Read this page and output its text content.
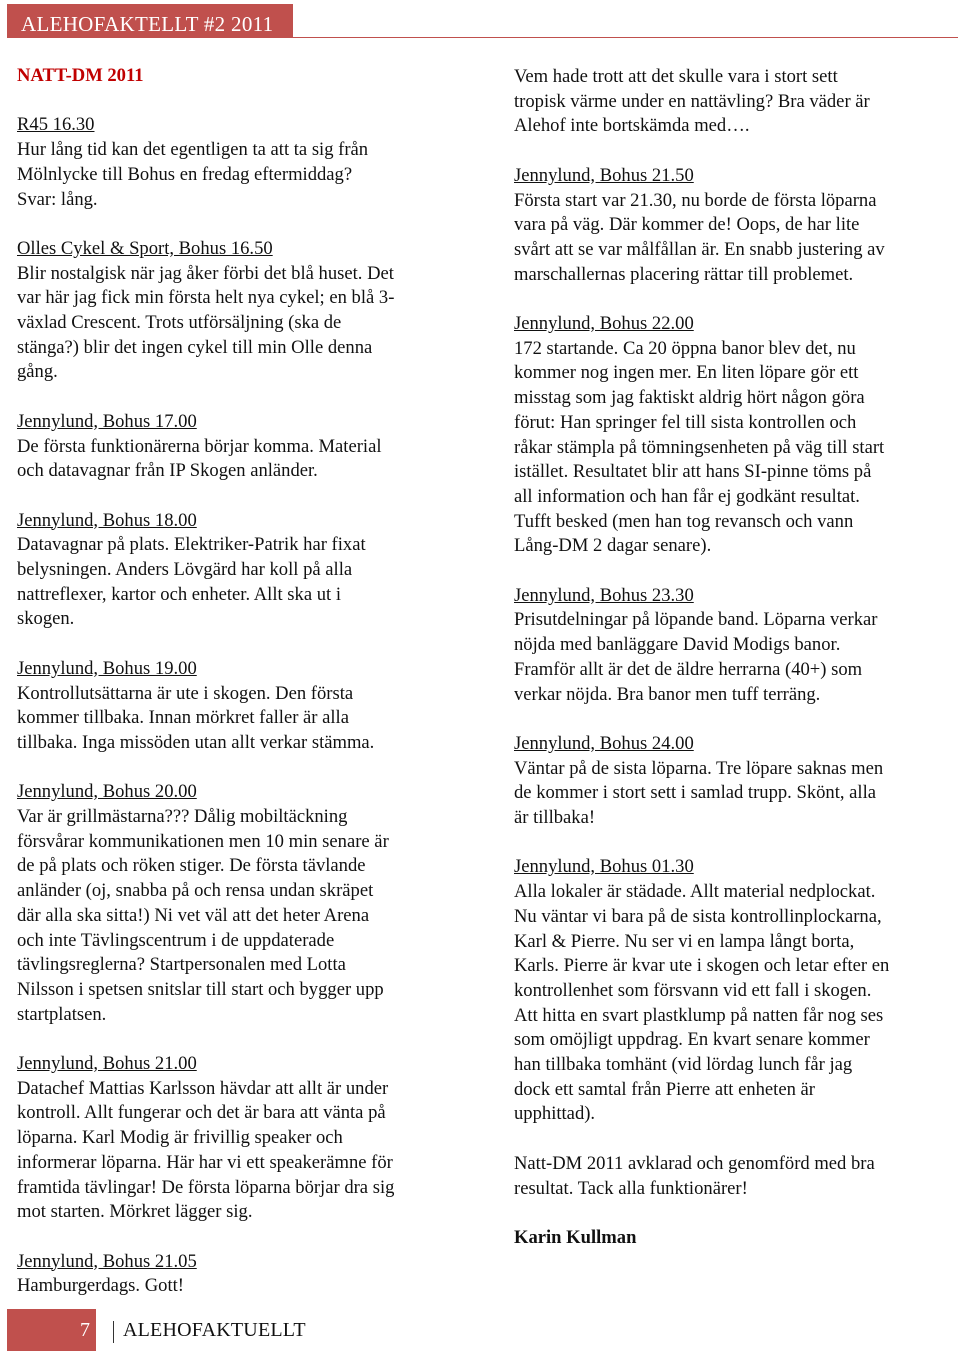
ALEHOFAKTELLT #2 2011
NATT-DM 2011
R45 16.30
Hur lång tid kan det egentligen ta att ta sig från
Mölnlycke till Bohus en fredag eftermiddag?
Svar: lång.
Olles Cykel & Sport, Bohus 16.50
Blir nostalgisk när jag åker förbi det blå huset. Det
var här jag fick min första helt nya cykel; en blå 3-
växlad Crescent. Trots utförsäljning (ska de
stänga?) blir det ingen cykel till min Olle denna
gång.
Jennylund, Bohus 17.00
De första funktionärerna börjar komma. Material
och datavagnar från IP Skogen anländer.
Jennylund, Bohus 18.00
Datavagnar på plats. Elektriker-Patrik har fixat
belysningen. Anders Lövgärd har koll på alla
nattreflexer, kartor och enheter. Allt ska ut i
skogen.
Jennylund, Bohus 19.00
Kontrollutsättarna är ute i skogen. Den första
kommer tillbaka. Innan mörkret faller är alla
tillbaka. Inga missöden utan allt verkar stämma.
Jennylund, Bohus 20.00
Var är grillmästarna??? Dålig mobiltäckning
försvårar kommunikationen men 10 min senare är
de på plats och röken stiger. De första tävlande
anländer (oj, snabba på och rensa undan skräpet
där alla ska sitta!) Ni vet väl att det heter Arena
och inte Tävlingscentrum i de uppdaterade
tävlingsreglerna? Startpersonalen med Lotta
Nilsson i spetsen snitslar till start och bygger upp
startplatsen.
Jennylund, Bohus 21.00
Datachef Mattias Karlsson hävdar att allt är under
kontroll. Allt fungerar och det är bara att vänta på
löparna. Karl Modig är frivillig speaker och
informerar löparna. Här har vi ett speakerämne för
framtida tävlingar! De första löparna börjar dra sig
mot starten. Mörkret lägger sig.
Jennylund, Bohus 21.05
Hamburgerdags. Gott!
Vem hade trott att det skulle vara i stort sett
tropisk värme under en nattävling? Bra väder är
Alehof inte bortskämda med….
Jennylund, Bohus 21.50
Första start var 21.30, nu borde de första löparna
vara på väg. Där kommer de! Oops, de har lite
svårt att se var målfållan är. En snabb justering av
marschallernas placering rättar till problemet.
Jennylund, Bohus 22.00
172 startande. Ca 20 öppna banor blev det, nu
kommer nog ingen mer. En liten löpare gör ett
misstag som jag faktiskt aldrig hört någon göra
förut: Han springer fel till sista kontrollen och
råkar stämpla på tömningsenheten på väg till start
istället. Resultatet blir att hans SI-pinne töms på
all information och han får ej godkänt resultat.
Tufft besked (men han tog revansch och vann
Lång-DM 2 dagar senare).
Jennylund, Bohus 23.30
Prisutdelningar på löpande band. Löparna verkar
nöjda med banläggare David Modigs banor.
Framför allt är det de äldre herrarna (40+) som
verkar nöjda. Bra banor men tuff terräng.
Jennylund, Bohus 24.00
Väntar på de sista löparna. Tre löpare saknas men
de kommer i stort sett i samlad trupp. Skönt, alla
är tillbaka!
Jennylund, Bohus 01.30
Alla lokaler är städade. Allt material nedplockat.
Nu väntar vi bara på de sista kontrollinplockarna,
Karl & Pierre. Nu ser vi en lampa långt borta,
Karls. Pierre är kvar ute i skogen och letar efter en
kontrollenhet som försvann vid ett fall i skogen.
Att hitta en svart plastklump på natten får nog ses
som omöjligt uppdrag. En kvart senare kommer
han tillbaka tomhänt (vid lördag lunch får jag
dock ett samtal från Pierre att enheten är
upphittad).
Natt-DM 2011 avklarad och genomförd med bra
resultat. Tack alla funktionärer!
Karin Kullman
7	ALEHOFAKTUELLT
